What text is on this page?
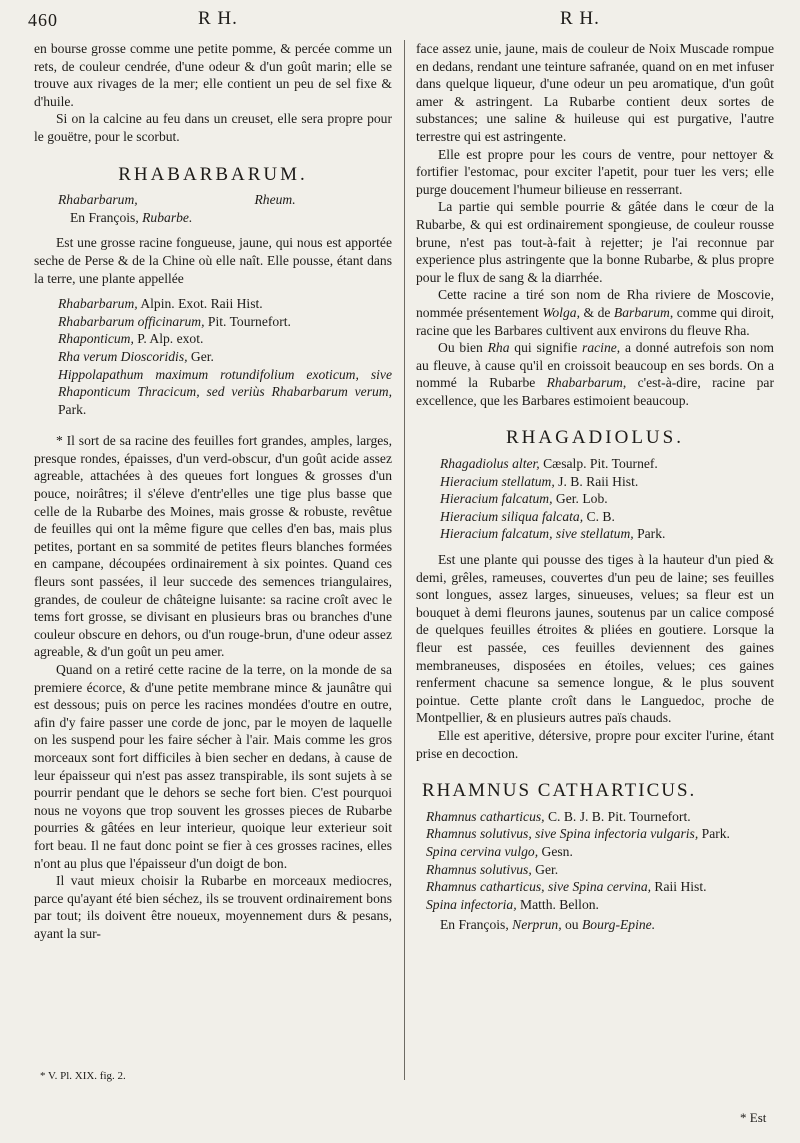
460	R H.	R H.

en bourse grosse comme une petite pomme, & percée comme un rets, de couleur cendrée, d'une odeur & d'un goût marin; elle se trouve aux rivages de la mer; elle contient un peu de sel fixe & d'huile.

Si on la calcine au feu dans un creuset, elle sera propre pour le gouëtre, pour le scorbut.

RHABARBARUM.
Rhabarbarum,	Rheum.
En François, Rubarbe.

Est une grosse racine fongueuse, jaune, qui nous est apportée seche de Perse & de la Chine où elle naît. Elle pousse, étant dans la terre, une plante appellée

Rhabarbarum, Alpin. Exot. Raii Hist.

Rhabarbarum officinarum, Pit. Tournefort.

Rhaponticum, P. Alp. exot.

Rha verum Dioscoridis, Ger.

Hippolapathum maximum rotundifolium exoticum, sive Rhaponticum Thracicum, sed veriùs Rhabarbarum verum, Park.

* Il sort de sa racine des feuilles fort grandes, amples, larges, presque rondes, épaisses, d'un verd-obscur, d'un goût acide assez agreable, attachées à des queues fort longues & grosses d'un pouce, noirâtres; il s'éleve d'entr'elles une tige plus basse que celle de la Rubarbe des Moines, mais grosse & robuste, revêtue de feuilles qui ont la même figure que celles d'en bas, mais plus petites, portant en sa sommité de petites fleurs blanches formées en campane, découpées ordinairement à six pointes. Quand ces fleurs sont passées, il leur succede des semences triangulaires, grandes, de couleur de châteigne luisante: sa racine croît avec le tems fort grosse, se divisant en plusieurs bras ou branches d'une couleur obscure en dehors, ou d'un rouge-brun, d'une odeur assez agreable, & d'un goût un peu amer.

Quand on a retiré cette racine de la terre, on la monde de sa premiere écorce, & d'une petite membrane mince & jaunâtre qui est dessous; puis on perce les racines mondées d'outre en outre, afin d'y faire passer une corde de jonc, par le moyen de laquelle on les suspend pour les faire sécher à l'air. Mais comme les gros morceaux sont fort difficiles à bien secher en dedans, à cause de leur épaisseur qui n'est pas assez transpirable, ils sont sujets à se pourrir pendant que le dehors se seche fort bien. C'est pourquoi nous ne voyons que trop souvent les grosses pieces de Rubarbe pourries & gâtées en leur interieur, quoique leur exterieur soit fort beau. Il ne faut donc point se fier à ces grosses racines, elles n'ont au plus que l'épaisseur d'un doigt de bon.

Il vaut mieux choisir la Rubarbe en morceaux mediocres, parce qu'ayant été bien séchez, ils se trouvent ordinairement bons par tout; ils doivent être noueux, moyennement durs & pesans, ayant la sur-

* V. Pl. XIX. fig. 2.

face assez unie, jaune, mais de couleur de Noix Muscade rompue en dedans, rendant une teinture safranée, quand on en met infuser dans quelque liqueur, d'une odeur un peu aromatique, d'un goût amer & astringent. La Rubarbe contient deux sortes de substances; une saline & huileuse qui est purgative, l'autre terrestre qui est astringente.

Elle est propre pour les cours de ventre, pour nettoyer & fortifier l'estomac, pour exciter l'apetit, pour tuer les vers; elle purge doucement l'humeur bilieuse en resserrant.

La partie qui semble pourrie & gâtée dans le cœur de la Rubarbe, & qui est ordinairement spongieuse, de couleur rousse brune, n'est pas tout-à-fait à rejetter; je l'ai reconnue par experience plus astringente que la bonne Rubarbe, & plus propre pour le flux de sang & la diarrhée.

Cette racine a tiré son nom de Rha riviere de Moscovie, nommée présentement Wolga, & de Barbarum, comme qui diroit, racine que les Barbares cultivent aux environs du fleuve Rha.

Ou bien Rha qui signifie racine, a donné autrefois son nom au fleuve, à cause qu'il en croissoit beaucoup en ses bords. On a nommé la Rubarbe Rhabarbarum, c'est-à-dire, racine par excellence, que les Barbares estimoient beaucoup.

RHAGADIOLUS.

Rhagadiolus alter, Cæsalp. Pit. Tournef.

Hieracium stellatum, J. B. Raii Hist.

Hieracium falcatum, Ger. Lob.

Hieracium siliqua falcata, C. B.

Hieracium falcatum, sive stellatum, Park.

Est une plante qui pousse des tiges à la hauteur d'un pied & demi, grêles, rameuses, couvertes d'un peu de laine; ses feuilles sont longues, assez larges, sinueuses, velues; sa fleur est un bouquet à demi fleurons jaunes, soutenus par un calice composé de quelques feuilles étroites & pliées en goutiere. Lorsque la fleur est passée, ces feuilles deviennent des gaines membraneuses, disposées en étoiles, velues; ces gaines renferment chacune sa semence longue, & le plus souvent pointue. Cette plante croît dans le Languedoc, proche de Montpellier, & en plusieurs autres païs chauds.

Elle est aperitive, détersive, propre pour exciter l'urine, étant prise en decoction.

RHAMNUS CATHARTICUS.

Rhamnus catharticus, C. B. J. B. Pit. Tournefort.

Rhamnus solutivus, sive Spina infectoria vulgaris, Park.

Spina cervina vulgo, Gesn.

Rhamnus solutivus, Ger.

Rhamnus catharticus, sive Spina cervina, Raii Hist.

Spina infectoria, Matth. Bellon.

En François, Nerprun, ou Bourg-Epine.

* Est
